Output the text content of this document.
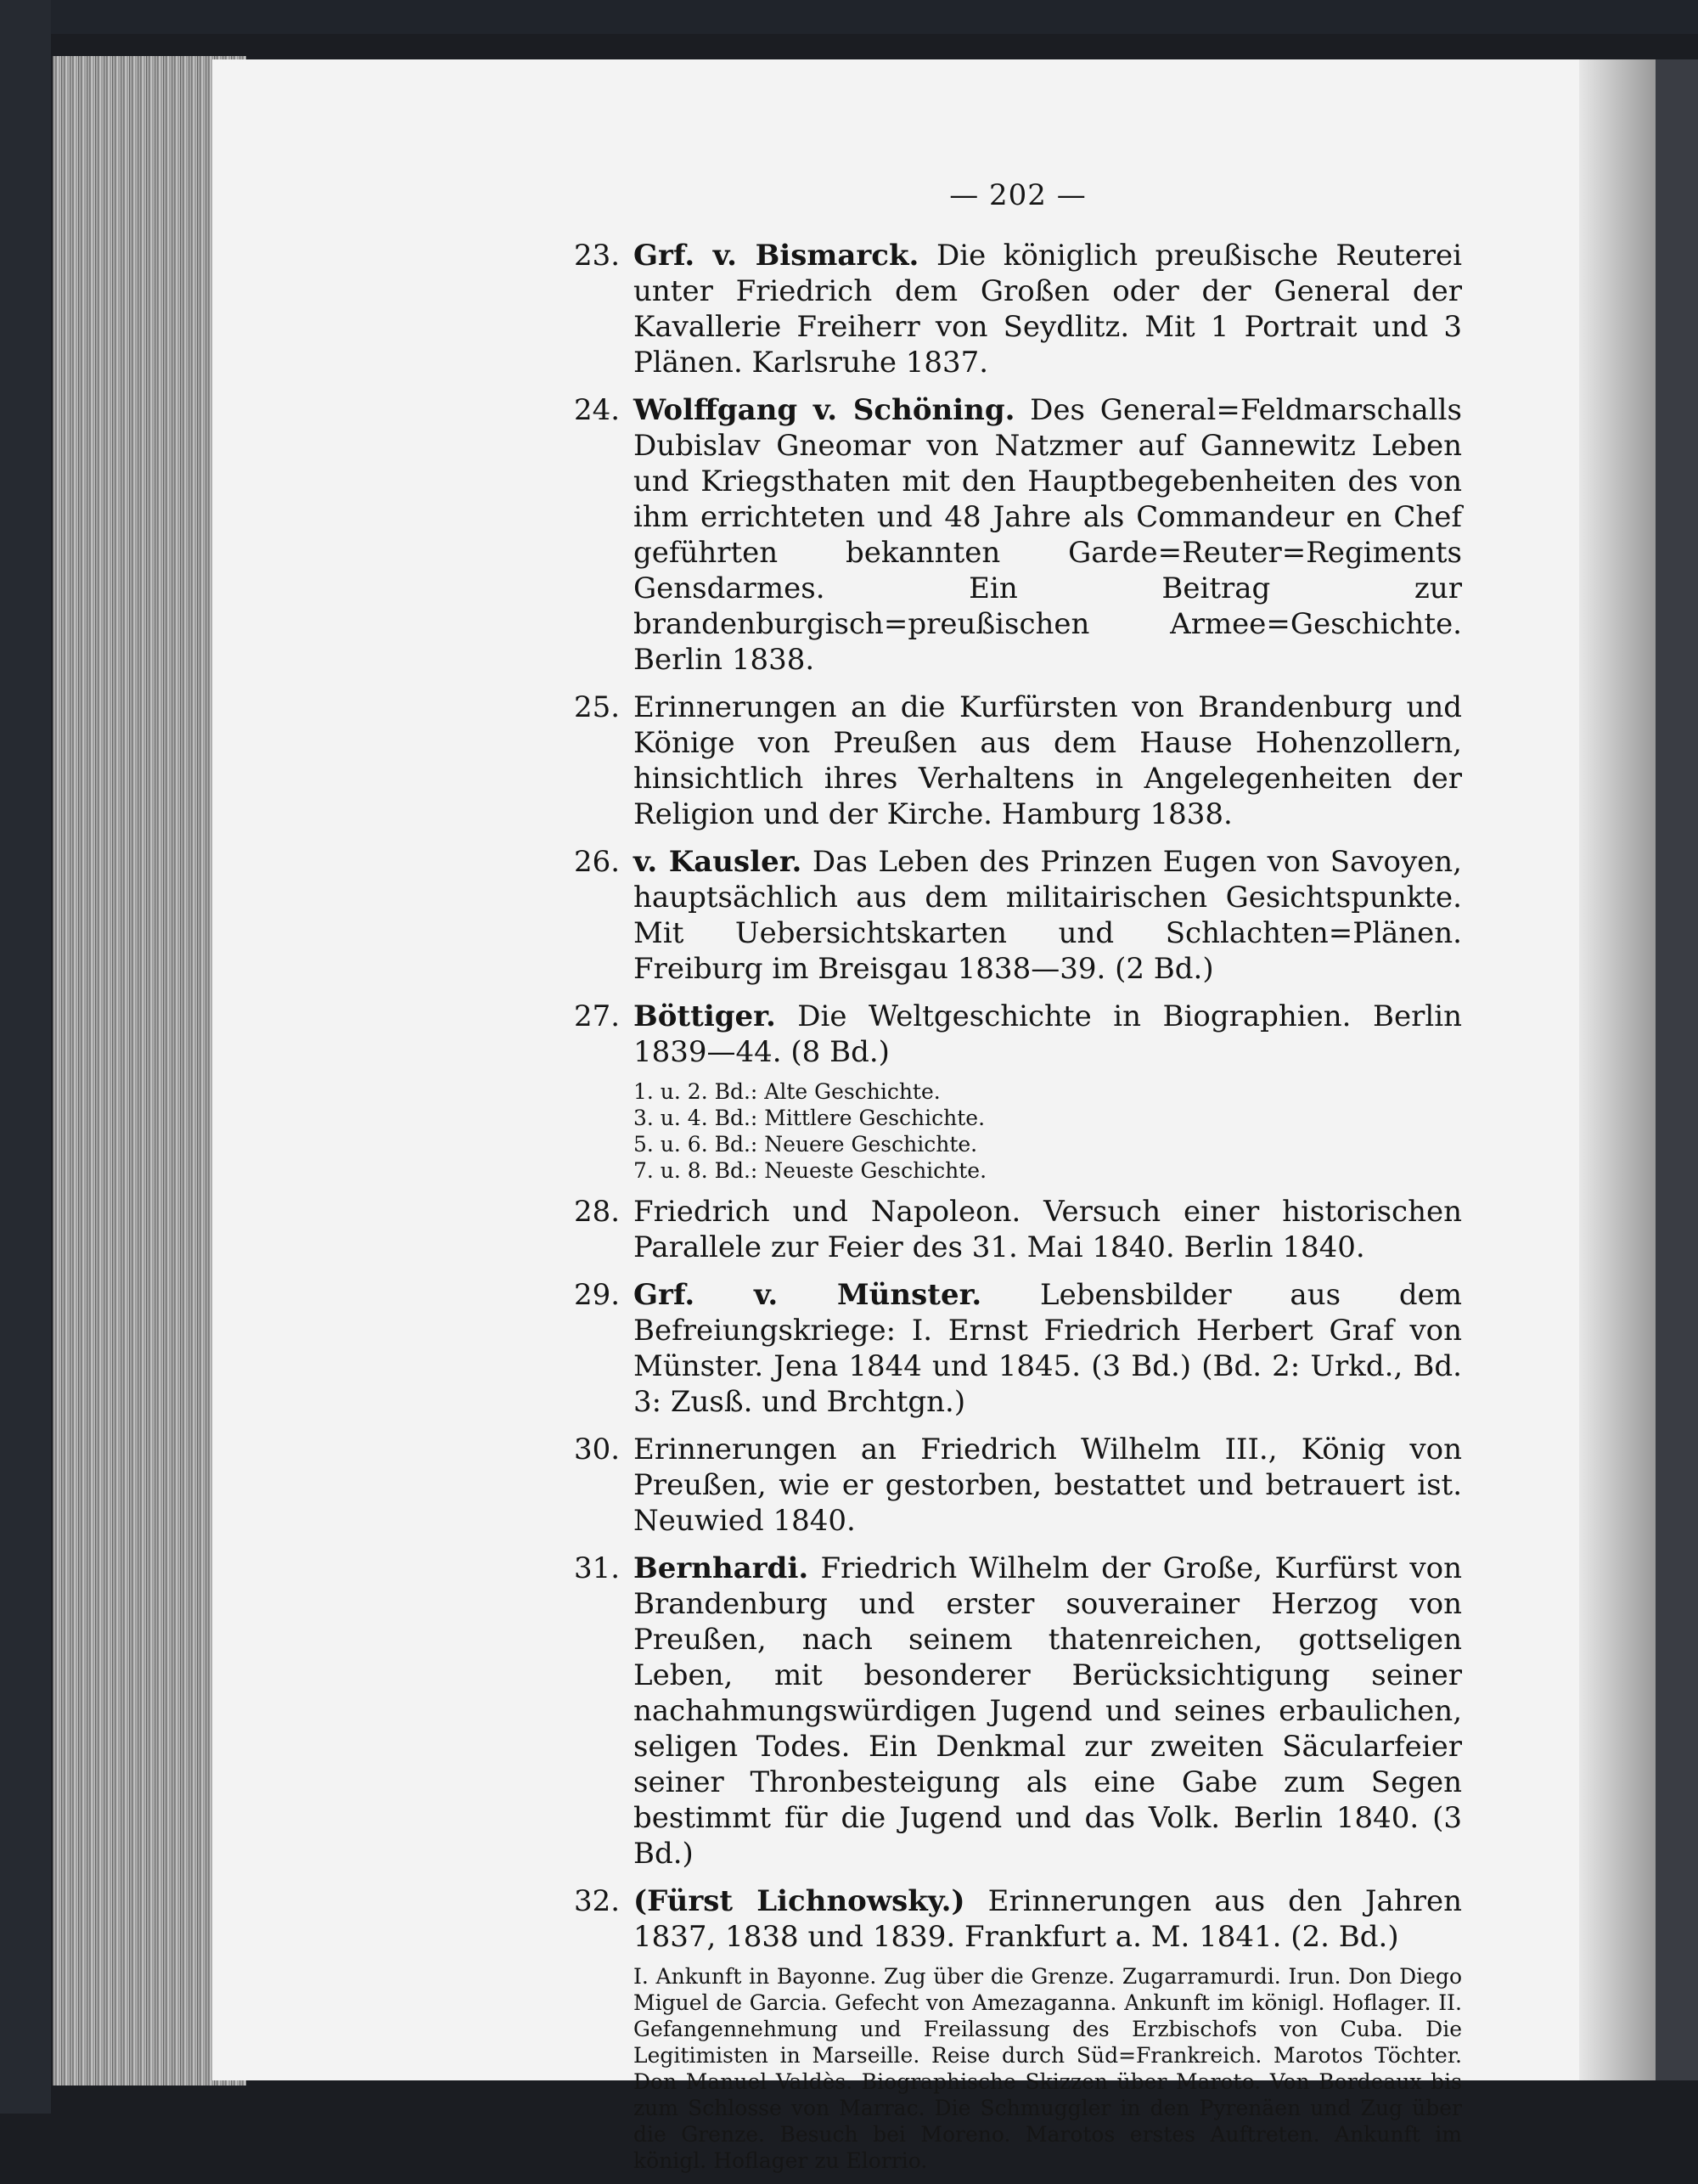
— 202 —
23. Grf. v. Bismarck. Die königlich preußische Reuterei unter Friedrich dem Großen oder der General der Kavallerie Freiherr von Seydlitz. Mit 1 Portrait und 3 Plänen. Karlsruhe 1837.
24. Wolffgang v. Schöning. Des General=Feldmarschalls Dubislav Gneomar von Natzmer auf Gannewitz Leben und Kriegsthaten mit den Hauptbegebenheiten des von ihm errichteten und 48 Jahre als Commandeur en Chef geführten bekannten Garde=Reuter=Regiments Gensdarmes. Ein Beitrag zur brandenburgisch=preußischen Armee=Geschichte. Berlin 1838.
25. Erinnerungen an die Kurfürsten von Brandenburg und Könige von Preußen aus dem Hause Hohenzollern, hinsichtlich ihres Verhaltens in Angelegenheiten der Religion und der Kirche. Hamburg 1838.
26. v. Kausler. Das Leben des Prinzen Eugen von Savoyen, hauptsächlich aus dem militairischen Gesichtspunkte. Mit Uebersichtskarten und Schlachten=Plänen. Freiburg im Breisgau 1838—39. (2 Bd.)
27. Böttiger. Die Weltgeschichte in Biographien. Berlin 1839—44. (8 Bd.)
1. u. 2. Bd.: Alte Geschichte.
3. u. 4. Bd.: Mittlere Geschichte.
5. u. 6. Bd.: Neuere Geschichte.
7. u. 8. Bd.: Neueste Geschichte.
28. Friedrich und Napoleon. Versuch einer historischen Parallele zur Feier des 31. Mai 1840. Berlin 1840.
29. Grf. v. Münster. Lebensbilder aus dem Befreiungskriege: I. Ernst Friedrich Herbert Graf von Münster. Jena 1844 und 1845. (3 Bd.) (Bd. 2: Urkd., Bd. 3: Zusß. und Brchtgn.)
30. Erinnerungen an Friedrich Wilhelm III., König von Preußen, wie er gestorben, bestattet und betrauert ist. Neuwied 1840.
31. Bernhardi. Friedrich Wilhelm der Große, Kurfürst von Brandenburg und erster souverainer Herzog von Preußen, nach seinem thatenreichen, gottseligen Leben, mit besonderer Berücksichtigung seiner nachahmungswürdigen Jugend und seines erbaulichen, seligen Todes. Ein Denkmal zur zweiten Säcularfeier seiner Thronbesteigung als eine Gabe zum Segen bestimmt für die Jugend und das Volk. Berlin 1840. (3 Bd.)
32. (Fürst Lichnowsky.) Erinnerungen aus den Jahren 1837, 1838 und 1839. Frankfurt a. M. 1841. (2. Bd.)
I. Ankunft in Bayonne. Zug über die Grenze. Zugarramurdi. Irun. Don Diego Miguel de Garcia. Gefecht von Amezaganna. Ankunft im königl. Hoflager. II. Gefangennehmung und Freilassung des Erzbischofs von Cuba. Die Legitimisten in Marseille. Reise durch Süd=Frankreich. Marotos Töchter. Don Manuel Valdès. Biographische Skizzen über Maroto. Von Bordeaux bis zum Schlosse von Marrac. Die Schmuggler in den Pyrenäen und Zug über die Grenze. Besuch bei Moreno. Marotos erstes Auftreten. Ankunft im königl. Hoflager zu Elorrio.
